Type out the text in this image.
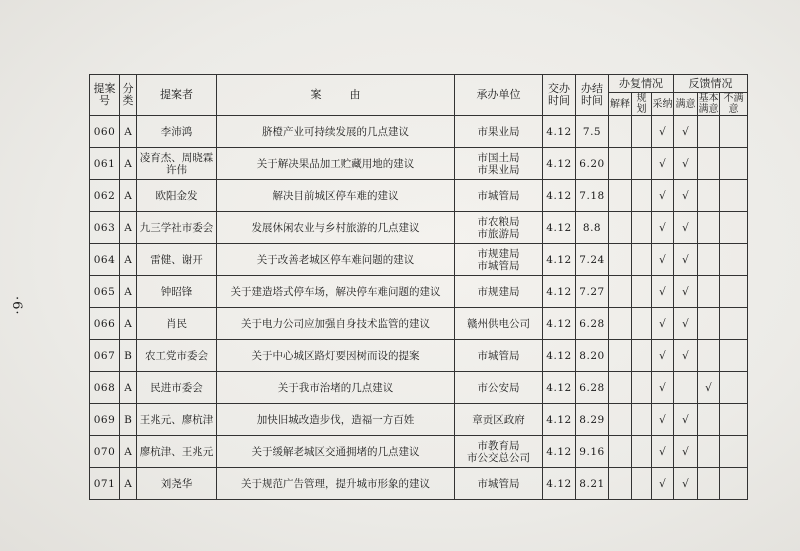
·6·
提案号	分类	提案者	案        由	承办单位	交办时间	办结时间	办复情况			反馈情况		
							解释	规划	采纳	满意	基本满意	不满意
060	A	李沛鸿	脐橙产业可持续发展的几点建议	市果业局	4.12	7.5			√	√		
061	A	凌育杰、周晓霖
许伟	关于解决果品加工贮藏用地的建议	市国土局
市果业局	4.12	6.20			√	√		
062	A	欧阳金发	解决目前城区停车难的建议	市城管局	4.12	7.18			√	√		
063	A	九三学社市委会	发展休闲农业与乡村旅游的几点建议	市农粮局
市旅游局	4.12	8.8			√	√		
064	A	雷健、谢开	关于改善老城区停车难问题的建议	市规建局
市城管局	4.12	7.24			√	√		
065	A	钟昭锋	关于建造塔式停车场，解决停车难问题的建议	市规建局	4.12	7.27			√	√		
066	A	肖民	关于电力公司应加强自身技术监管的建议	赣州供电公司	4.12	6.28			√	√		
067	B	农工党市委会	关于中心城区路灯要因树而设的提案	市城管局	4.12	8.20			√	√		
068	A	民进市委会	关于我市治堵的几点建议	市公安局	4.12	6.28			√		√	
069	B	王兆元、廖杭津	加快旧城改造步伐，造福一方百姓	章贡区政府	4.12	8.29			√	√		
070	A	廖杭津、王兆元	关于缓解老城区交通拥堵的几点建议	市教育局
市公交总公司	4.12	9.16			√	√		
071	A	刘尧华	关于规范广告管理，提升城市形象的建议	市城管局	4.12	8.21			√	√		
